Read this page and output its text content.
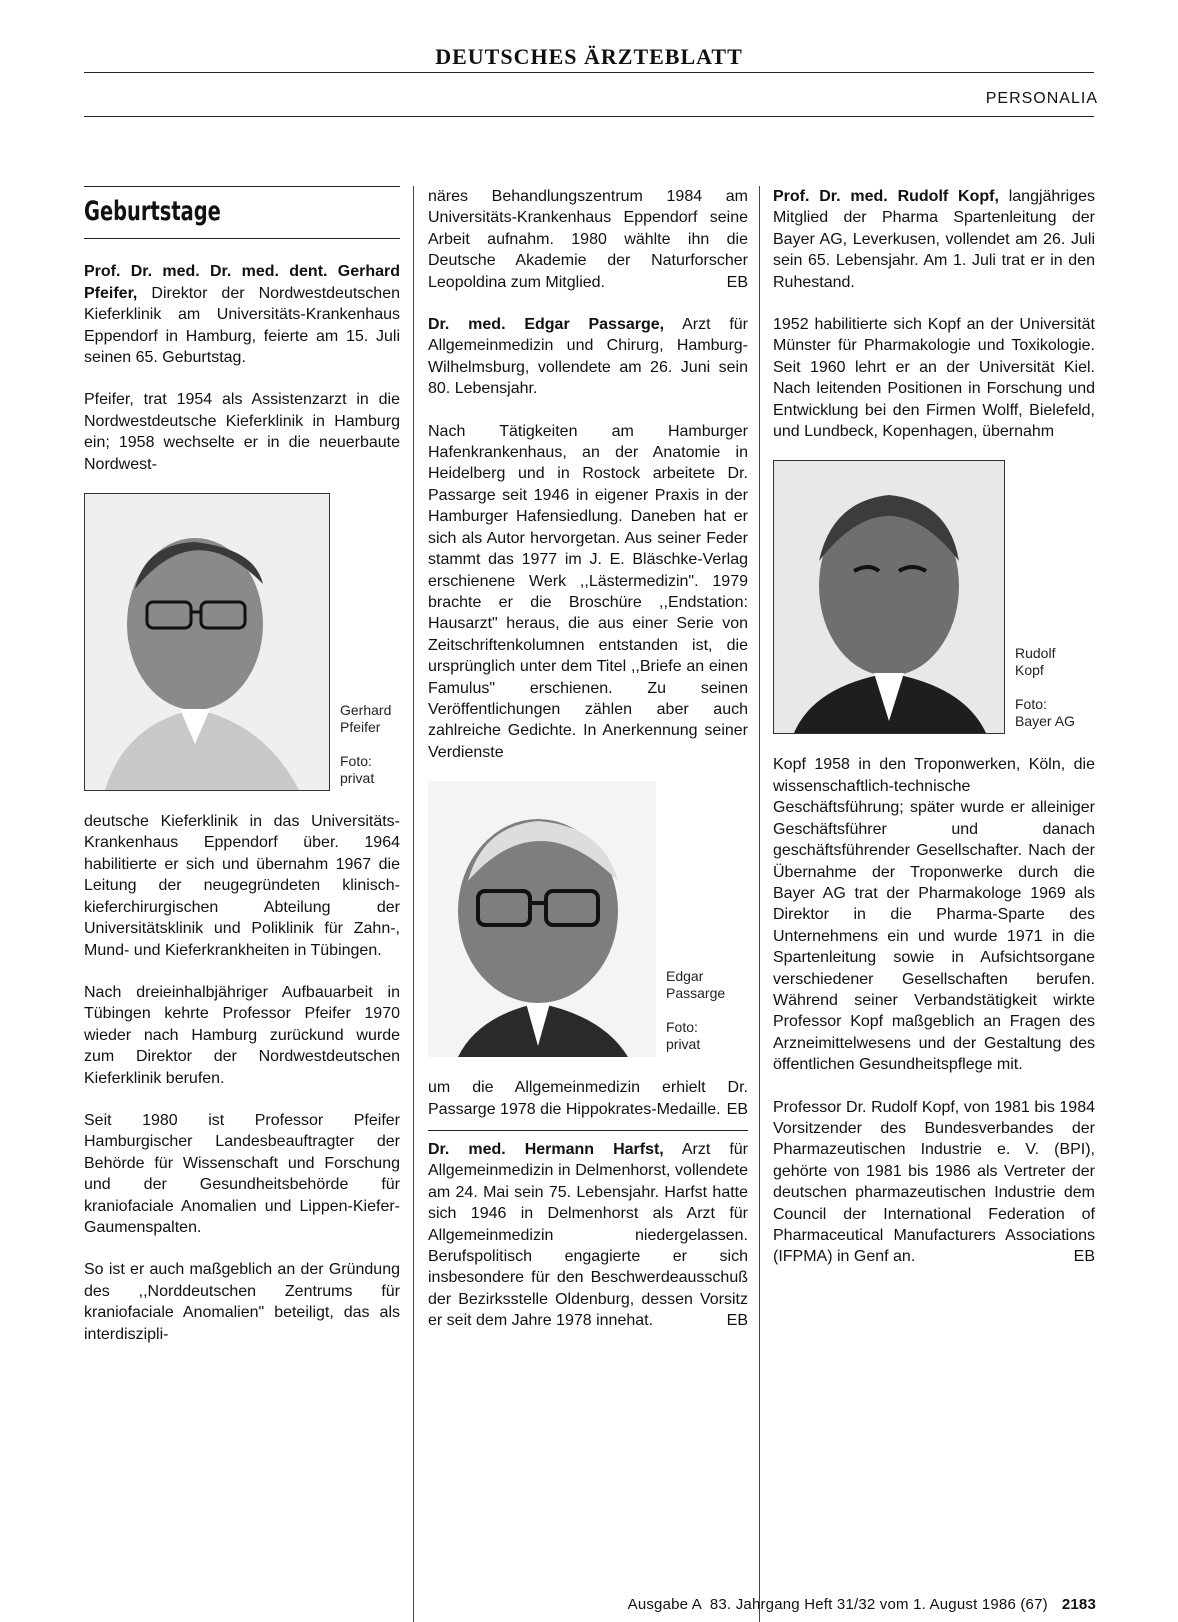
DEUTSCHES ÄRZTEBLATT
PERSONALIA
Geburtstage

Prof. Dr. med. Dr. med. dent. Gerhard Pfeifer, Direktor der Nordwestdeutschen Kieferklinik am Universitäts-Krankenhaus Eppendorf in Hamburg, feierte am 15. Juli seinen 65. Geburtstag.

Pfeifer, trat 1954 als Assistenzarzt in die Nordwestdeutsche Kieferklinik in Hamburg ein; 1958 wechselte er in die neuerbaute Nordwest-

Gerhard Pfeifer
Foto: privat

deutsche Kieferklinik in das Universitäts-Krankenhaus Eppendorf über. 1964 habilitierte er sich und übernahm 1967 die Leitung der neugegründeten klinisch-kieferchirurgischen Abteilung der Universitätsklinik und Poliklinik für Zahn-, Mund- und Kieferkrankheiten in Tübingen.

Nach dreieinhalbjähriger Aufbauarbeit in Tübingen kehrte Professor Pfeifer 1970 wieder nach Hamburg zurückund wurde zum Direktor der Nordwestdeutschen Kieferklinik berufen.

Seit 1980 ist Professor Pfeifer Hamburgischer Landesbeauftragter der Behörde für Wissenschaft und Forschung und der Gesundheitsbehörde für kraniofaciale Anomalien und Lippen-Kiefer-Gaumenspalten.

So ist er auch maßgeblich an der Gründung des ,,Norddeutschen Zentrums für kraniofaciale Anomalien" beteiligt, das als interdiszipli-

näres Behandlungszentrum 1984 am Universitäts-Krankenhaus Eppendorf seine Arbeit aufnahm. 1980 wählte ihn die Deutsche Akademie der Naturforscher Leopoldina zum Mitglied.	EB

Dr. med. Edgar Passarge, Arzt für Allgemeinmedizin und Chirurg, Hamburg-Wilhelmsburg, vollendete am 26. Juni sein 80. Lebensjahr.

Nach Tätigkeiten am Hamburger Hafenkrankenhaus, an der Anatomie in Heidelberg und in Rostock arbeitete Dr. Passarge seit 1946 in eigener Praxis in der Hamburger Hafensiedlung. Daneben hat er sich als Autor hervorgetan. Aus seiner Feder stammt das 1977 im J. E. Bläschke-Verlag erschienene Werk ,,Lästermedizin". 1979 brachte er die Broschüre ,,Endstation: Hausarzt" heraus, die aus einer Serie von Zeitschriftenkolumnen entstanden ist, die ursprünglich unter dem Titel ,,Briefe an einen Famulus" erschienen. Zu seinen Veröffentlichungen zählen aber auch zahlreiche Gedichte. In Anerkennung seiner Verdienste

Edgar Passarge
Foto: privat

um die Allgemeinmedizin erhielt Dr. Passarge 1978 die Hippokrates-Medaille. EB

Dr. med. Hermann Harfst, Arzt für Allgemeinmedizin in Delmenhorst, vollendete am 24. Mai sein 75. Lebensjahr. Harfst hatte sich 1946 in Delmenhorst als Arzt für Allgemeinmedizin niedergelassen. Berufspolitisch engagierte er sich insbesondere für den Beschwerdeausschuß der Bezirksstelle Oldenburg, dessen Vorsitz er seit dem Jahre 1978 innehat.	EB

Prof. Dr. med. Rudolf Kopf, langjähriges Mitglied der Pharma Spartenleitung der Bayer AG, Leverkusen, vollendet am 26. Juli sein 65. Lebensjahr. Am 1. Juli trat er in den Ruhestand.

1952 habilitierte sich Kopf an der Universität Münster für Pharmakologie und Toxikologie. Seit 1960 lehrt er an der Universität Kiel. Nach leitenden Positionen in Forschung und Entwicklung bei den Firmen Wolff, Bielefeld, und Lundbeck, Kopenhagen, übernahm

Rudolf Kopf
Foto: Bayer AG

Kopf 1958 in den Troponwerken, Köln, die wissenschaftlich-technische Geschäftsführung; später wurde er alleiniger Geschäftsführer und danach geschäftsführender Gesellschafter. Nach der Übernahme der Troponwerke durch die Bayer AG trat der Pharmakologe 1969 als Direktor in die Pharma-Sparte des Unternehmens ein und wurde 1971 in die Spartenleitung sowie in Aufsichtsorgane verschiedener Gesellschaften berufen. Während seiner Verbandstätigkeit wirkte Professor Kopf maßgeblich an Fragen des Arzneimittelwesens und der Gestaltung des öffentlichen Gesundheitspflege mit.

Professor Dr. Rudolf Kopf, von 1981 bis 1984 Vorsitzender des Bundesverbandes der Pharmazeutischen Industrie e. V. (BPI), gehörte von 1981 bis 1986 als Vertreter der deutschen pharmazeutischen Industrie dem Council der International Federation of Pharmaceutical Manufacturers Associations (IFPMA) in Genf an.	EB

Ausgabe A  83. Jahrgang Heft 31/32 vom 1. August 1986 (67) 2183
